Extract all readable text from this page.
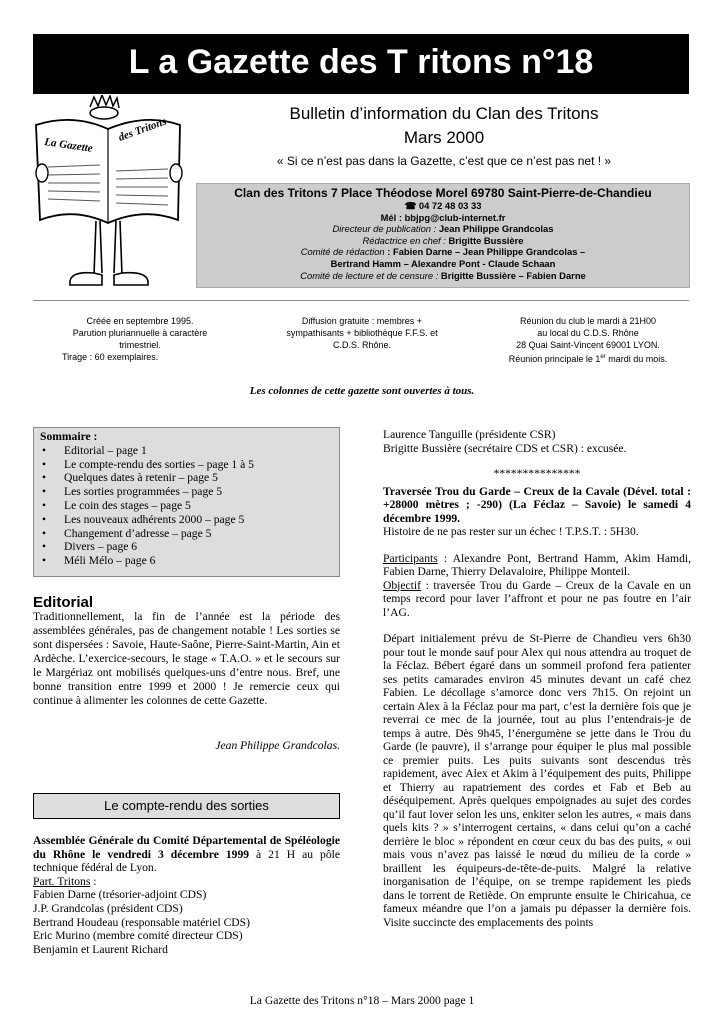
L a Gazette des T ritons n°18
La Gazette
des Tritons
Bulletin d’information du Clan des Tritons
Mars 2000
« Si ce n’est pas dans la Gazette, c’est que ce n’est pas net ! »
Clan des Tritons 7 Place Théodose Morel 69780 Saint-Pierre-de-Chandieu
☎ 04 72 48 03 33
Mél : bbjpg@club-internet.fr
Directeur de publication : Jean Philippe Grandcolas
Rédactrice en chef : Brigitte Bussière
Comité de rédaction : Fabien Darne – Jean Philippe Grandcolas –
Bertrand Hamm – Alexandre Pont - Claude Schaan
Comité de lecture et de censure : Brigitte Bussière – Fabien Darne
Créée en septembre 1995.
Parution pluriannuelle à caractère
trimestriel.
Tirage : 60 exemplaires.
Diffusion gratuite : membres +
sympathisants + bibliothèque F.F.S. et
C.D.S. Rhône.
Réunion du club le mardi à 21H00
au local du C.D.S. Rhône
28 Quai Saint-Vincent 69001 LYON.
Réunion principale le 1er mardi du mois.
Les colonnes de cette gazette sont ouvertes à tous.
Sommaire :
• Editorial – page 1
• Le compte-rendu des sorties – page 1 à 5
• Quelques dates à retenir – page 5
• Les sorties programmées – page 5
• Le coin des stages – page 5
• Les nouveaux adhérents 2000 – page 5
• Changement d’adresse – page 5
• Divers – page 6
• Méli Mélo – page 6
Editorial
Traditionnellement, la fin de l’année est la période des assemblées générales, pas de changement notable ! Les sorties se sont dispersées : Savoie, Haute-Saône, Pierre-Saint-Martin, Ain et Ardèche. L’exercice-secours, le stage « T.A.O. » et le secours sur le Margériaz ont mobilisés quelques-uns d’entre nous. Bref, une bonne transition entre 1999 et 2000 ! Je remercie ceux qui continue à alimenter les colonnes de cette Gazette.
Jean Philippe Grandcolas.
Le compte-rendu des sorties

Assemblée Générale du Comité Départemental de Spéléologie du Rhône le vendredi 3 décembre 1999 à 21 H au pôle technique fédéral de Lyon.

Part. Tritons :

Fabien Darne (trésorier-adjoint CDS)

J.P. Grandcolas (président CDS)

Bertrand Houdeau (responsable matériel CDS)

Eric Murino (membre comité directeur CDS)

Benjamin et Laurent Richard

Laurence Tanguille (présidente CSR)

Brigitte Bussière (secrétaire CDS et CSR) : excusée.

***************

Traversée Trou du Garde – Creux de la Cavale (Dével. total : +28000 mètres ; -290) (La Féclaz – Savoie) le samedi 4 décembre 1999.

Histoire de ne pas rester sur un échec ! T.P.S.T. : 5H30.

Participants : Alexandre Pont, Bertrand Hamm, Akim Hamdi, Fabien Darne, Thierry Delavaloire, Philippe Monteil.

Objectif : traversée Trou du Garde – Creux de la Cavale en un temps record pour laver l’affront et pour ne pas foutre en l’air l’AG.

Départ initialement prévu de St-Pierre de Chandieu vers 6h30 pour tout le monde sauf pour Alex qui nous attendra au troquet de la Féclaz. Bébert égaré dans un sommeil profond fera patienter ses petits camarades environ 45 minutes devant un café chez Fabien. Le décollage s’amorce donc vers 7h15. On rejoint un certain Alex à la Féclaz pour ma part, c’est la dernière fois que je reverrai ce mec de la journée, tout au plus l’entendrais-je de temps à autre. Dès 9h45, l’énergumène se jette dans le Trou du Garde (le pauvre), il s’arrange pour équiper le plus mal possible ce premier puits. Les puits suivants sont descendus très rapidement, avec Alex et Akim à l’équipement des puits, Philippe et Thierry au rapatriement des cordes et Fab et Beb au déséquipement. Après quelques empoignades au sujet des cordes qu’il faut lover selon les uns, enkiter selon les autres, « mais dans quels kits ? » s’interrogent certains, « dans celui qu’on a caché derrière le bloc » répondent en cœur ceux du bas des puits, « oui mais vous n’avez pas laissé le nœud du milieu de la corde » braillent les équipeurs-de-tête-de-puits. Malgré la relative inorganisation de l’équipe, on se trempe rapidement les pieds dans le torrent de Retiède. On emprunte ensuite le Chiricahua, ce fameux méandre que l’on a jamais pu dépasser la dernière fois. Visite succincte des emplacements des points

La Gazette des Tritons n°18 – Mars 2000 page 1
